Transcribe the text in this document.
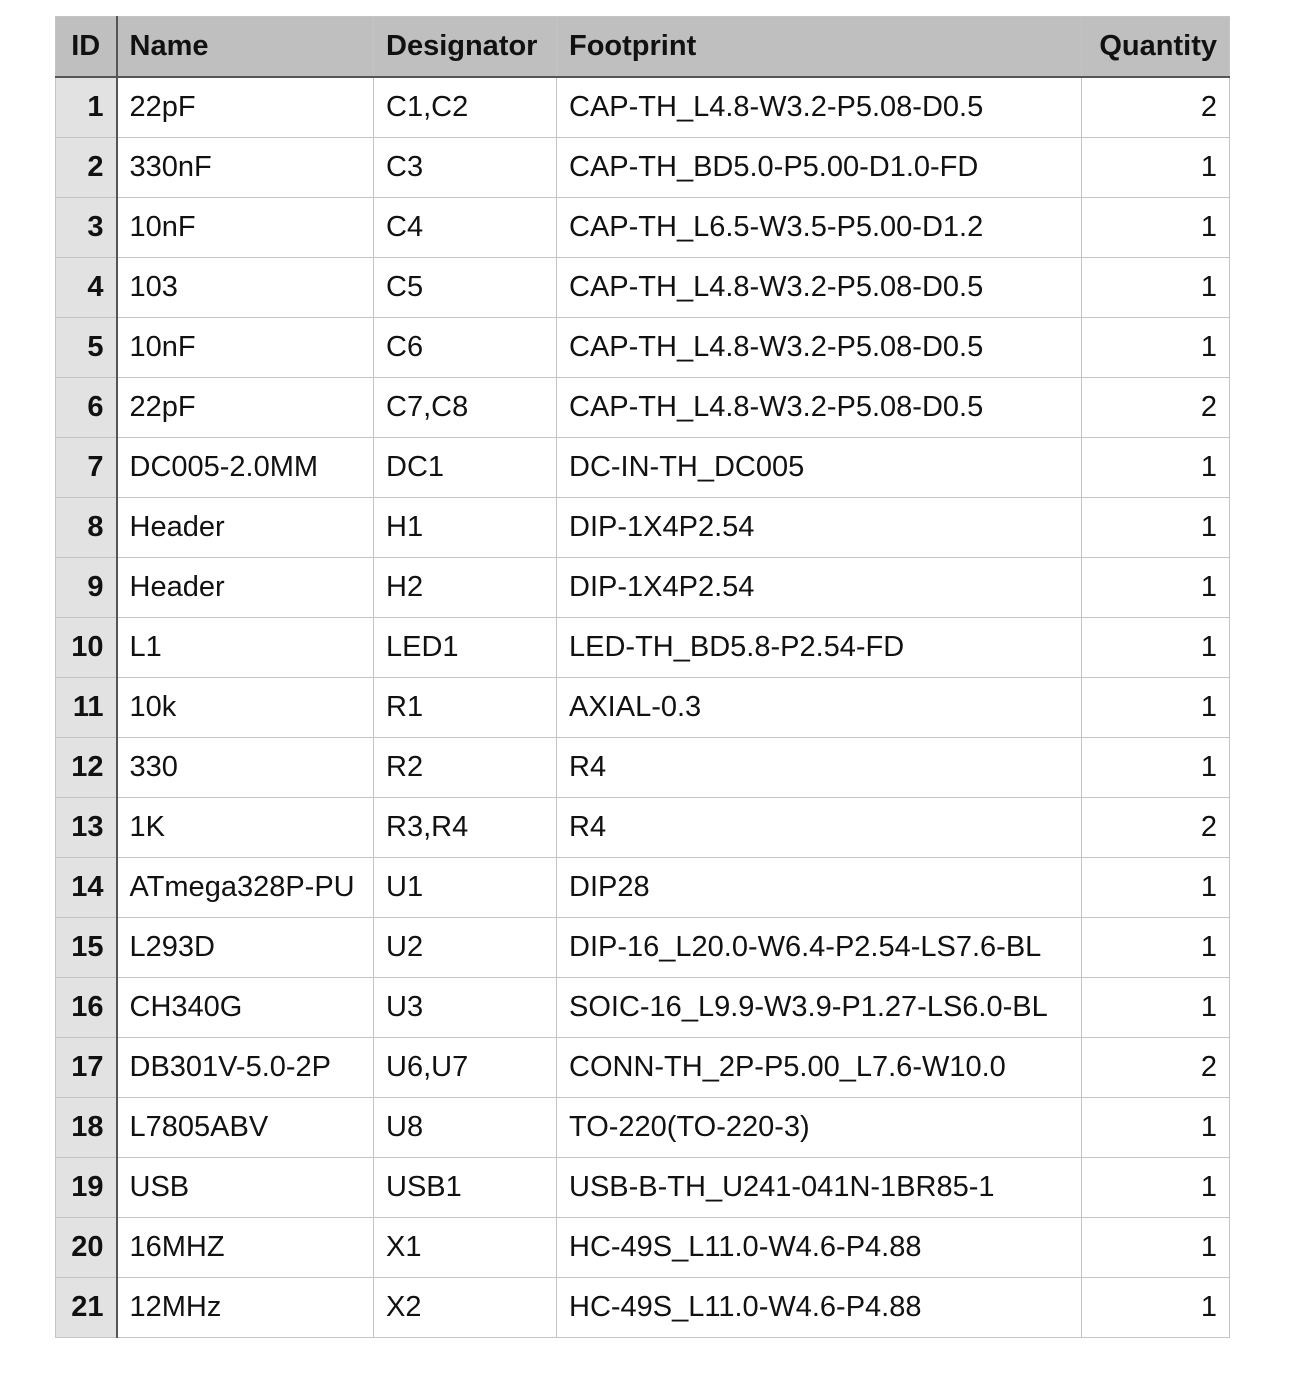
ID	Name	Designator	Footprint	Quantity
1	22pF	C1,C2	CAP-TH_L4.8-W3.2-P5.08-D0.5	2
2	330nF	C3	CAP-TH_BD5.0-P5.00-D1.0-FD	1
3	10nF	C4	CAP-TH_L6.5-W3.5-P5.00-D1.2	1
4	103	C5	CAP-TH_L4.8-W3.2-P5.08-D0.5	1
5	10nF	C6	CAP-TH_L4.8-W3.2-P5.08-D0.5	1
6	22pF	C7,C8	CAP-TH_L4.8-W3.2-P5.08-D0.5	2
7	DC005-2.0MM	DC1	DC-IN-TH_DC005	1
8	Header	H1	DIP-1X4P2.54	1
9	Header	H2	DIP-1X4P2.54	1
10	L1	LED1	LED-TH_BD5.8-P2.54-FD	1
11	10k	R1	AXIAL-0.3	1
12	330	R2	R4	1
13	1K	R3,R4	R4	2
14	ATmega328P-PU	U1	DIP28	1
15	L293D	U2	DIP-16_L20.0-W6.4-P2.54-LS7.6-BL	1
16	CH340G	U3	SOIC-16_L9.9-W3.9-P1.27-LS6.0-BL	1
17	DB301V-5.0-2P	U6,U7	CONN-TH_2P-P5.00_L7.6-W10.0	2
18	L7805ABV	U8	TO-220(TO-220-3)	1
19	USB	USB1	USB-B-TH_U241-041N-1BR85-1	1
20	16MHZ	X1	HC-49S_L11.0-W4.6-P4.88	1
21	12MHz	X2	HC-49S_L11.0-W4.6-P4.88	1
